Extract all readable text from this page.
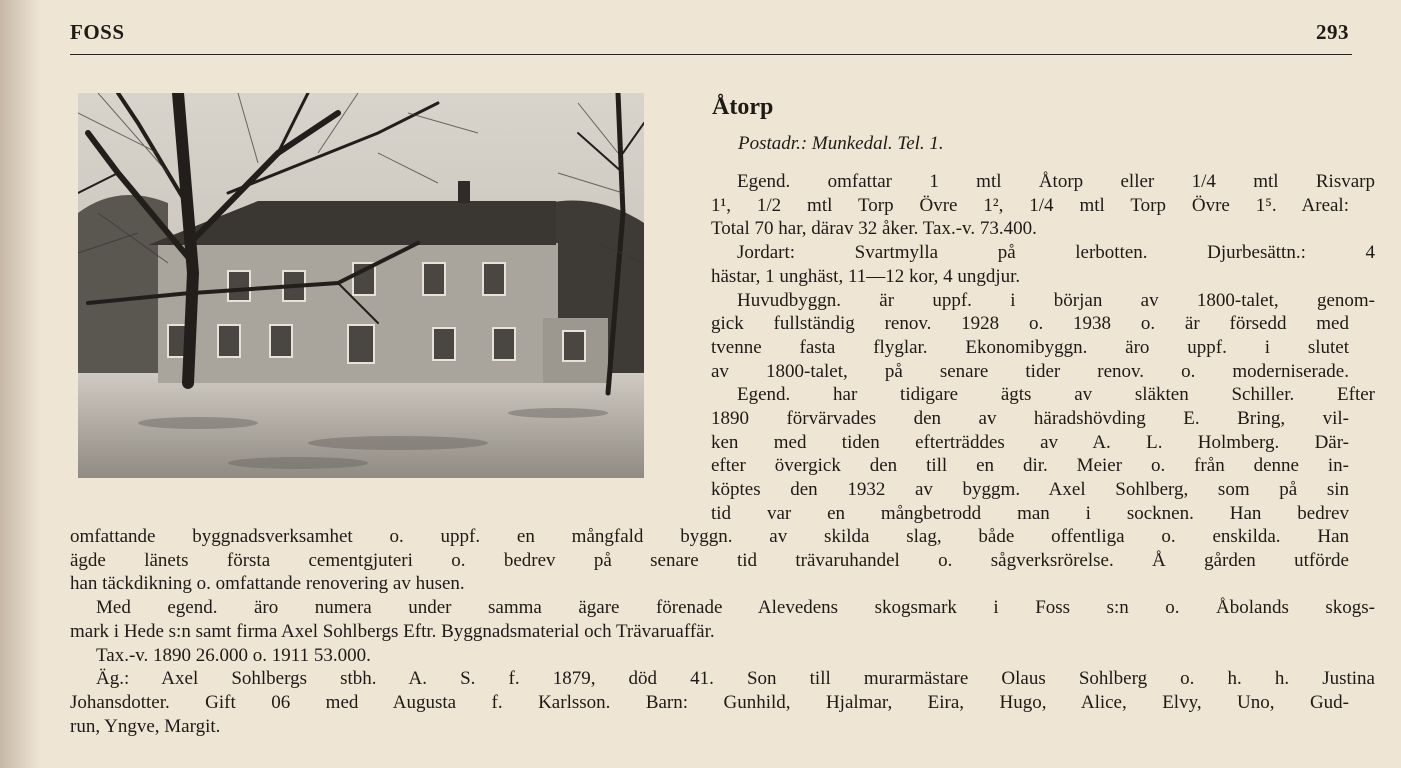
FOSS	293
Åtorp
Postadr.: Munkedal. Tel. 1.
Egend. omfattar 1 mtl Åtorp eller 1/4 mtl Risvarp
1¹, 1/2 mtl Torp Övre 1², 1/4 mtl Torp Övre 1⁵. Areal:
Total 70 har, därav 32 åker. Tax.-v. 73.400.
Jordart: Svartmylla på lerbotten. Djurbesättn.: 4
hästar, 1 unghäst, 11—12 kor, 4 ungdjur.
Huvudbyggn. är uppf. i början av 1800-talet, genom-
gick fullständig renov. 1928 o. 1938 o. är försedd med
tvenne fasta flyglar. Ekonomibyggn. äro uppf. i slutet
av 1800-talet, på senare tider renov. o. moderniserade.
Egend. har tidigare ägts av släkten Schiller. Efter
1890 förvärvades den av häradshövding E. Bring, vil-
ken med tiden efterträddes av A. L. Holmberg. Där-
efter övergick den till en dir. Meier o. från denne in-
köptes den 1932 av byggm. Axel Sohlberg, som på sin
tid var en mångbetrodd man i socknen. Han bedrev
omfattande byggnadsverksamhet o. uppf. en mångfald byggn. av skilda slag, både offentliga o. enskilda. Han
ägde länets första cementgjuteri o. bedrev på senare tid trävaruhandel o. sågverksrörelse. Å gården utförde
han täckdikning o. omfattande renovering av husen.
Med egend. äro numera under samma ägare förenade Alevedens skogsmark i Foss s:n o. Åbolands skogs-
mark i Hede s:n samt firma Axel Sohlbergs Eftr. Byggnadsmaterial och Trävaruaffär.
Tax.-v. 1890 26.000 o. 1911 53.000.
Äg.: Axel Sohlbergs stbh. A. S. f. 1879, död 41. Son till murarmästare Olaus Sohlberg o. h. h. Justina
Johansdotter. Gift 06 med Augusta f. Karlsson. Barn: Gunhild, Hjalmar, Eira, Hugo, Alice, Elvy, Uno, Gud-
run, Yngve, Margit.
